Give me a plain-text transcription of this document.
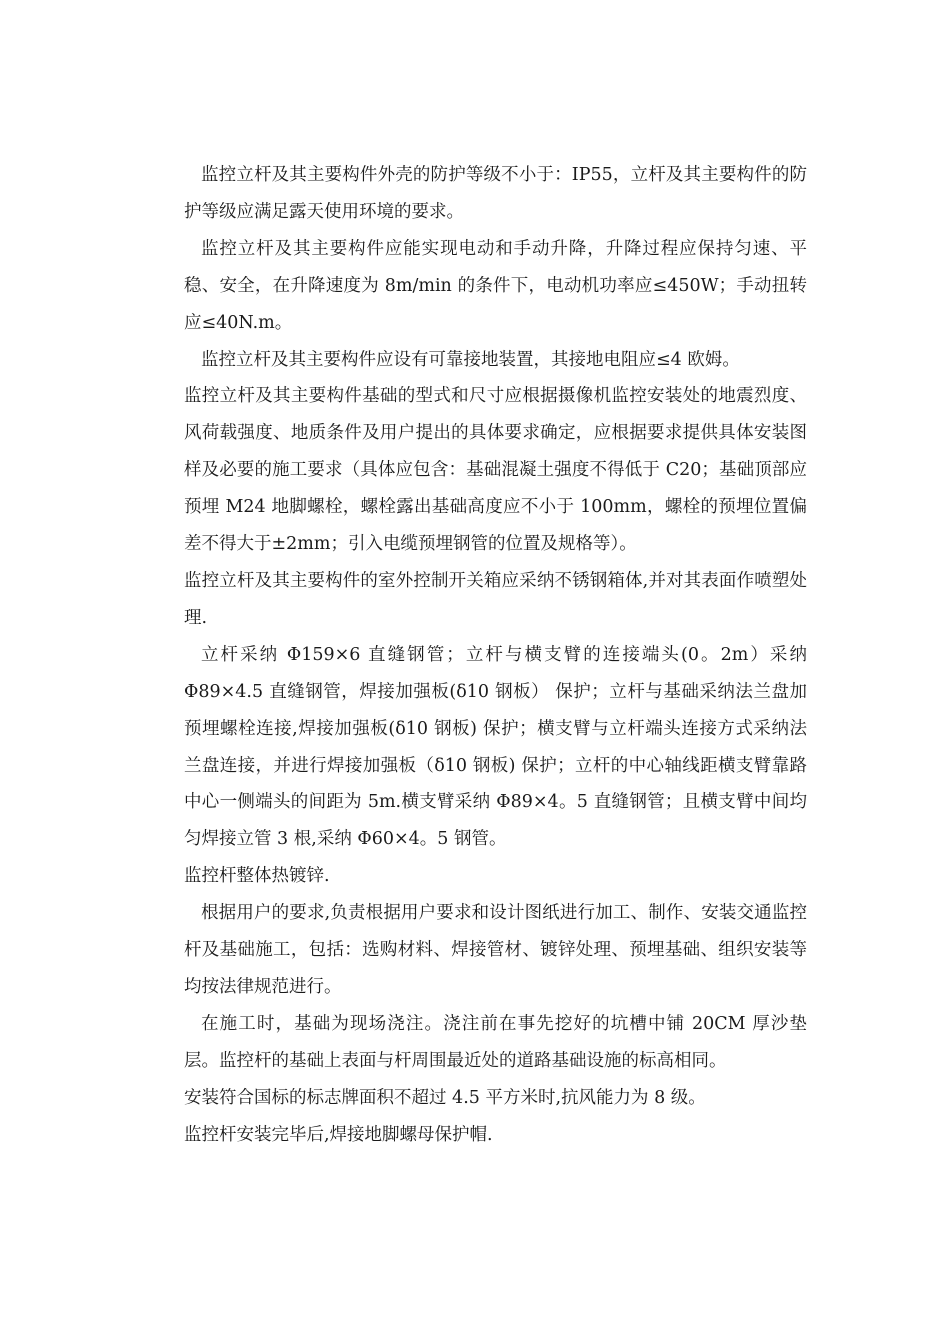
监控立杆及其主要构件外壳的防护等级不小于：IP55，立杆及其主要构件的防护等级应满足露天使用环境的要求。

监控立杆及其主要构件应能实现电动和手动升降，升降过程应保持匀速、平稳、安全，在升降速度为 8m/min 的条件下，电动机功率应≤450W；手动扭转应≤40N.m。

监控立杆及其主要构件应设有可靠接地装置，其接地电阻应≤4 欧姆。

监控立杆及其主要构件基础的型式和尺寸应根据摄像机监控安装处的地震烈度、风荷载强度、地质条件及用户提出的具体要求确定，应根据要求提供具体安装图样及必要的施工要求（具体应包含：基础混凝土强度不得低于 C20；基础顶部应预埋 M24 地脚螺栓，螺栓露出基础高度应不小于 100mm，螺栓的预埋位置偏差不得大于±2mm；引入电缆预埋钢管的位置及规格等）。

监控立杆及其主要构件的室外控制开关箱应采纳不锈钢箱体,并对其表面作喷塑处理.

立杆采纳 Φ159×6 直缝钢管；立杆与横支臂的连接端头(0。2m）采纳 Φ89×4.5 直缝钢管，焊接加强板(δ10 钢板） 保护；立杆与基础采纳法兰盘加预埋螺栓连接,焊接加强板(δ10 钢板) 保护；横支臂与立杆端头连接方式采纳法兰盘连接，并进行焊接加强板（δ10 钢板) 保护；立杆的中心轴线距横支臂靠路中心一侧端头的间距为 5m.横支臂采纳 Φ89×4。5 直缝钢管；且横支臂中间均匀焊接立管 3 根,采纳 Φ60×4。5 钢管。

监控杆整体热镀锌.

根据用户的要求,负责根据用户要求和设计图纸进行加工、制作、安装交通监控杆及基础施工，包括：选购材料、焊接管材、镀锌处理、预埋基础、组织安装等均按法律规范进行。

在施工时，基础为现场浇注。浇注前在事先挖好的坑槽中铺 20CM 厚沙垫层。监控杆的基础上表面与杆周围最近处的道路基础设施的标高相同。

安装符合国标的标志牌面积不超过 4.5 平方米时,抗风能力为 8 级。

监控杆安装完毕后,焊接地脚螺母保护帽.
